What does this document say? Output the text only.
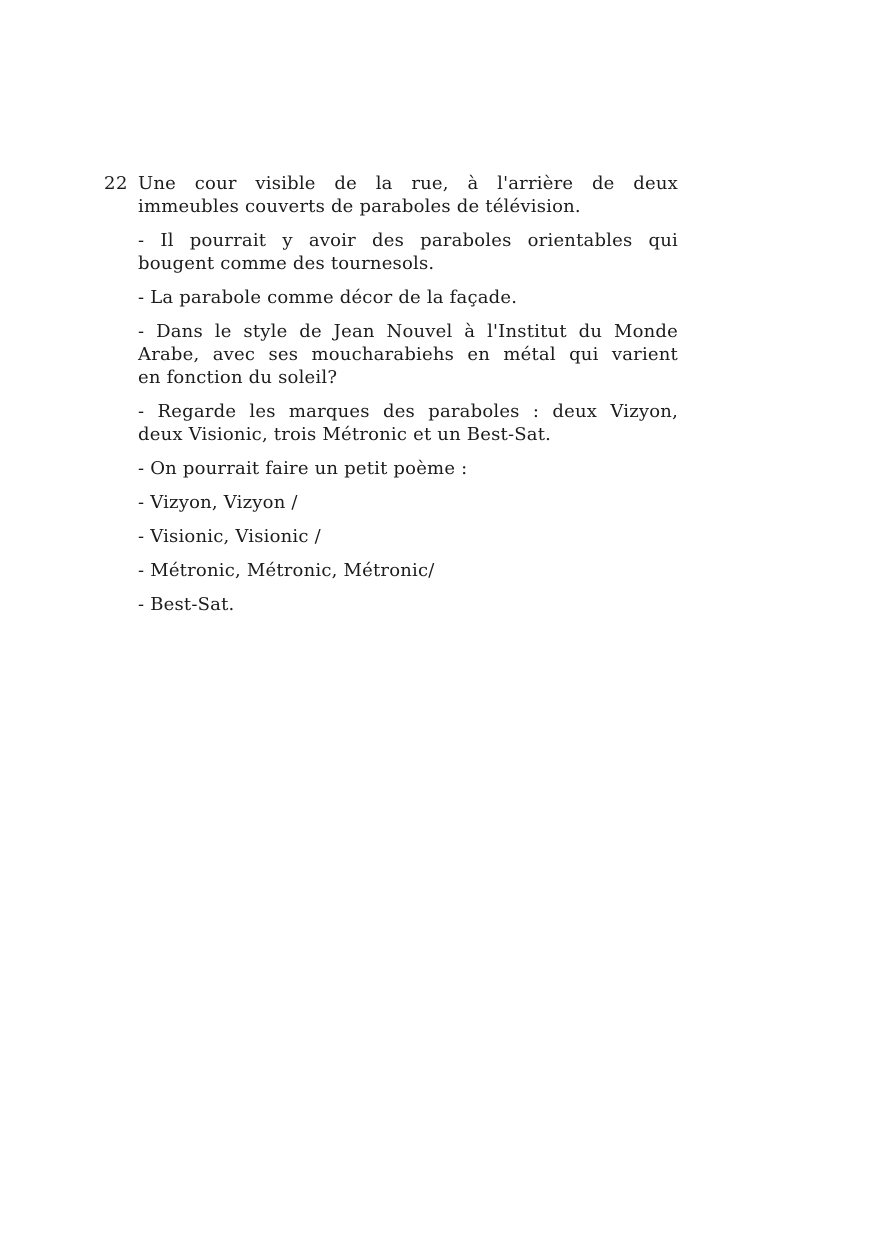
22 Une cour visible de la rue, à l'arrière de deux
immeubles couverts de paraboles de télévision.
- Il pourrait y avoir des paraboles orientables qui
bougent comme des tournesols.
- La parabole comme décor de la façade.
- Dans le style de Jean Nouvel à l'Institut du Monde
Arabe, avec ses moucharabiehs en métal qui varient
en fonction du soleil?
- Regarde les marques des paraboles : deux Vizyon,
deux Visionic, trois Métronic et un Best-Sat.
- On pourrait faire un petit poème :
- Vizyon, Vizyon /
- Visionic, Visionic /
- Métronic, Métronic, Métronic/
- Best-Sat.
